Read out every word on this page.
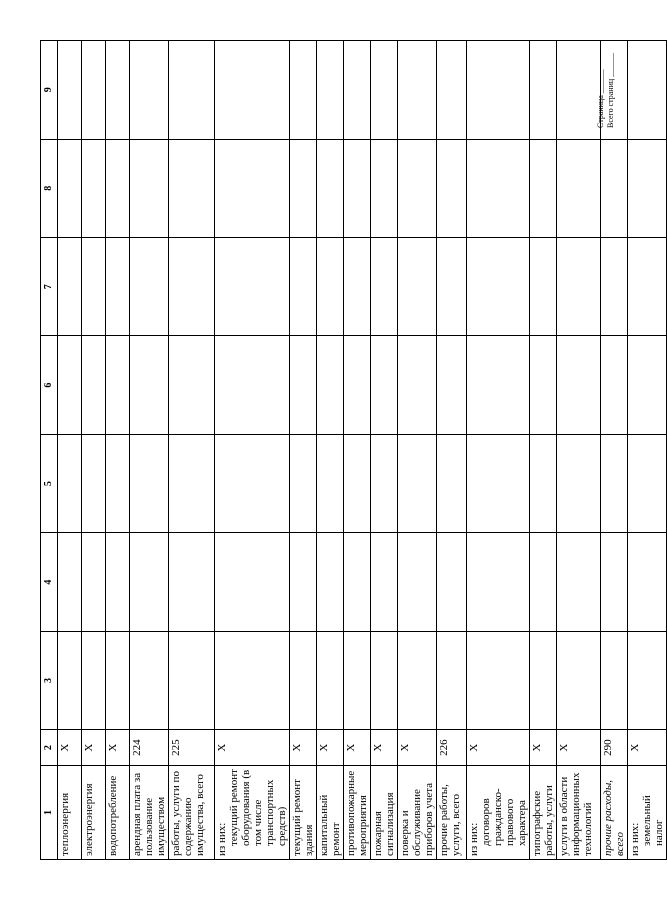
Страница ______ Всего страниц ______
1	2	3	4	5	6	7	8	9
теплоэнергия	X							
электроэнергия	X							
водопотребление	X							
арендная плата за пользование имуществом	224							
работы, услуги по содержанию имущества, всего	225							

из них: текущий ремонт оборудования (в том числе транспортных средств)	X							
текущий ремонт здания	X							
капитальный ремонт	X							
противопожарные мероприятия	X							
пожарная сигнализация	X							
поверка и обслуживание приборов учета	X							
прочие работы, услуги, всего	226							

из них: договоров гражданско-правового характера	X							
типографские работы, услуги	X							
услуги в области информационных технологий	X							
прочие расходы, всего	290							

из них: земельный налог	X							
